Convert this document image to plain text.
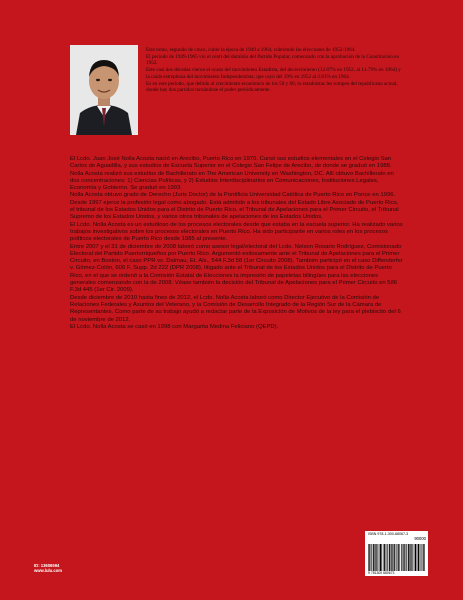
Este tomo, segundo de cinco, cubre la época de 1949 a 1964, cubriendo las elecciones de 1952-1964.

El periodo de 1949-1965 vio el cenit del dominio del Partido Popular, comenzado con la aprobación de la Constitución en 1952.

Este casi dos décadas vieron el ocaso del movimiento Estadista, del decrecimiento (12.87% en 1952, al 14.79% en 1964) y la caída estrepitosa del movimiento Independentista, que cayó del 19% en 1952 al 2.81% en 1964.

Es en este período, que debido al crecimiento económico de los 50 y 60, lo estadoistas les rompen del republicano actual, donde hay dos partidos turnándose el poder periódicamente.

El Lcdo. Juan José Nolla Acosta nació en Arecibo, Puerto Rico en 1970. Cursó sus estudios elementales en el Colegio San Carlos de Aguadilla, y sus estudios de Escuela Superior en el Colegio San Felipe de Arecibo, de donde se graduó en 1988.

Nolla Acosta realizó sus estudios de Bachillerato en The American University en Washington, DC. Allí obtuvo Bachillerato en dos concentraciones: 1) Ciencias Políticas, y 2) Estudios Interdisciplinarios en Comunicaciones, Instituciones Legales, Economía y Gobierno. Se graduó en 1993.

Nolla Acosta obtuvo grado de Derecho (Juris Doctor) de la Pontificia Universidad Católica de Puerto Rico en Ponce en 1996. Desde 1997 ejerce la profesión legal como abogado. Está admitido a los tribunales del Estado Libre Asociado de Puerto Rico, el tribunal de los Estados Unidos para el Distrito de Puerto Rico, el Tribunal de Apelaciones para el Primer Circuito, el Tribunal Supremo de los Estados Unidos, y varios otros tribunales de apelaciones de los Estados Unidos.

El Lcdo. Nolla Acosta es un estudioso de los procesos electorales desde que estaba en la escuela superior. Ha realizado varios trabajos investigativos sobre los procesos electorales en Puerto Rico. Ha sido participante en varios roles en los procesos políticos electorales de Puerto Rico desde 1985 al presente.

Entre 2007 y el 31 de diciembre de 2008 laboró como asesor legal/electoral del Lcdo. Nelson Rosario Rodríguez, Comisionado Electoral del Partido Puertorriqueños por Puerto Rico. Argumentó exitosamente ante el Tribunal de Apelaciones para el Primer Circuito, en Boston, el caso PPR vs. Dalmau, Et. Als., 544 F.3d 58 (1er Circuito 2008). También participó en el caso Diffenderfer v. Gómez-Colón, 606 F. Supp. 2d 222 (DPR 2008), litigado ante el Tribunal de los Estados Unidos para el Distrito de Puerto Rico, en el que se ordenó a la Comisión Estatal de Elecciones la impresión de papeletas bilingües para las elecciones generales comenzando con la de 2008. Véase también la decisión del Tribunal de Apelaciones para el Primer Circuito en 586 F.3d 445 (1er Cir. 2009).

Desde diciembre de 2010 hasta fines de 2012, el Lcdo. Nolla Acosta laboró como Director Ejecutivo de la Comisión de Relaciones Federales y Asuntos del Veterano, y la Comisión de Desarrollo Integrado de la Región Sur de la Cámara de Representantes. Como parte de su trabajo ayudó a redactar parte de la Exposición de Motivos de la ley para el plebiscito del 6 de noviembre de 2012.

El Lcdo. Nolla Acosta se casó en 1998 con Margarita Medina Feliciano (QEPD).

ID: 13606594
www.lulu.com
ISBN 978-1-300-68067-3
90000
9 781300 680673
